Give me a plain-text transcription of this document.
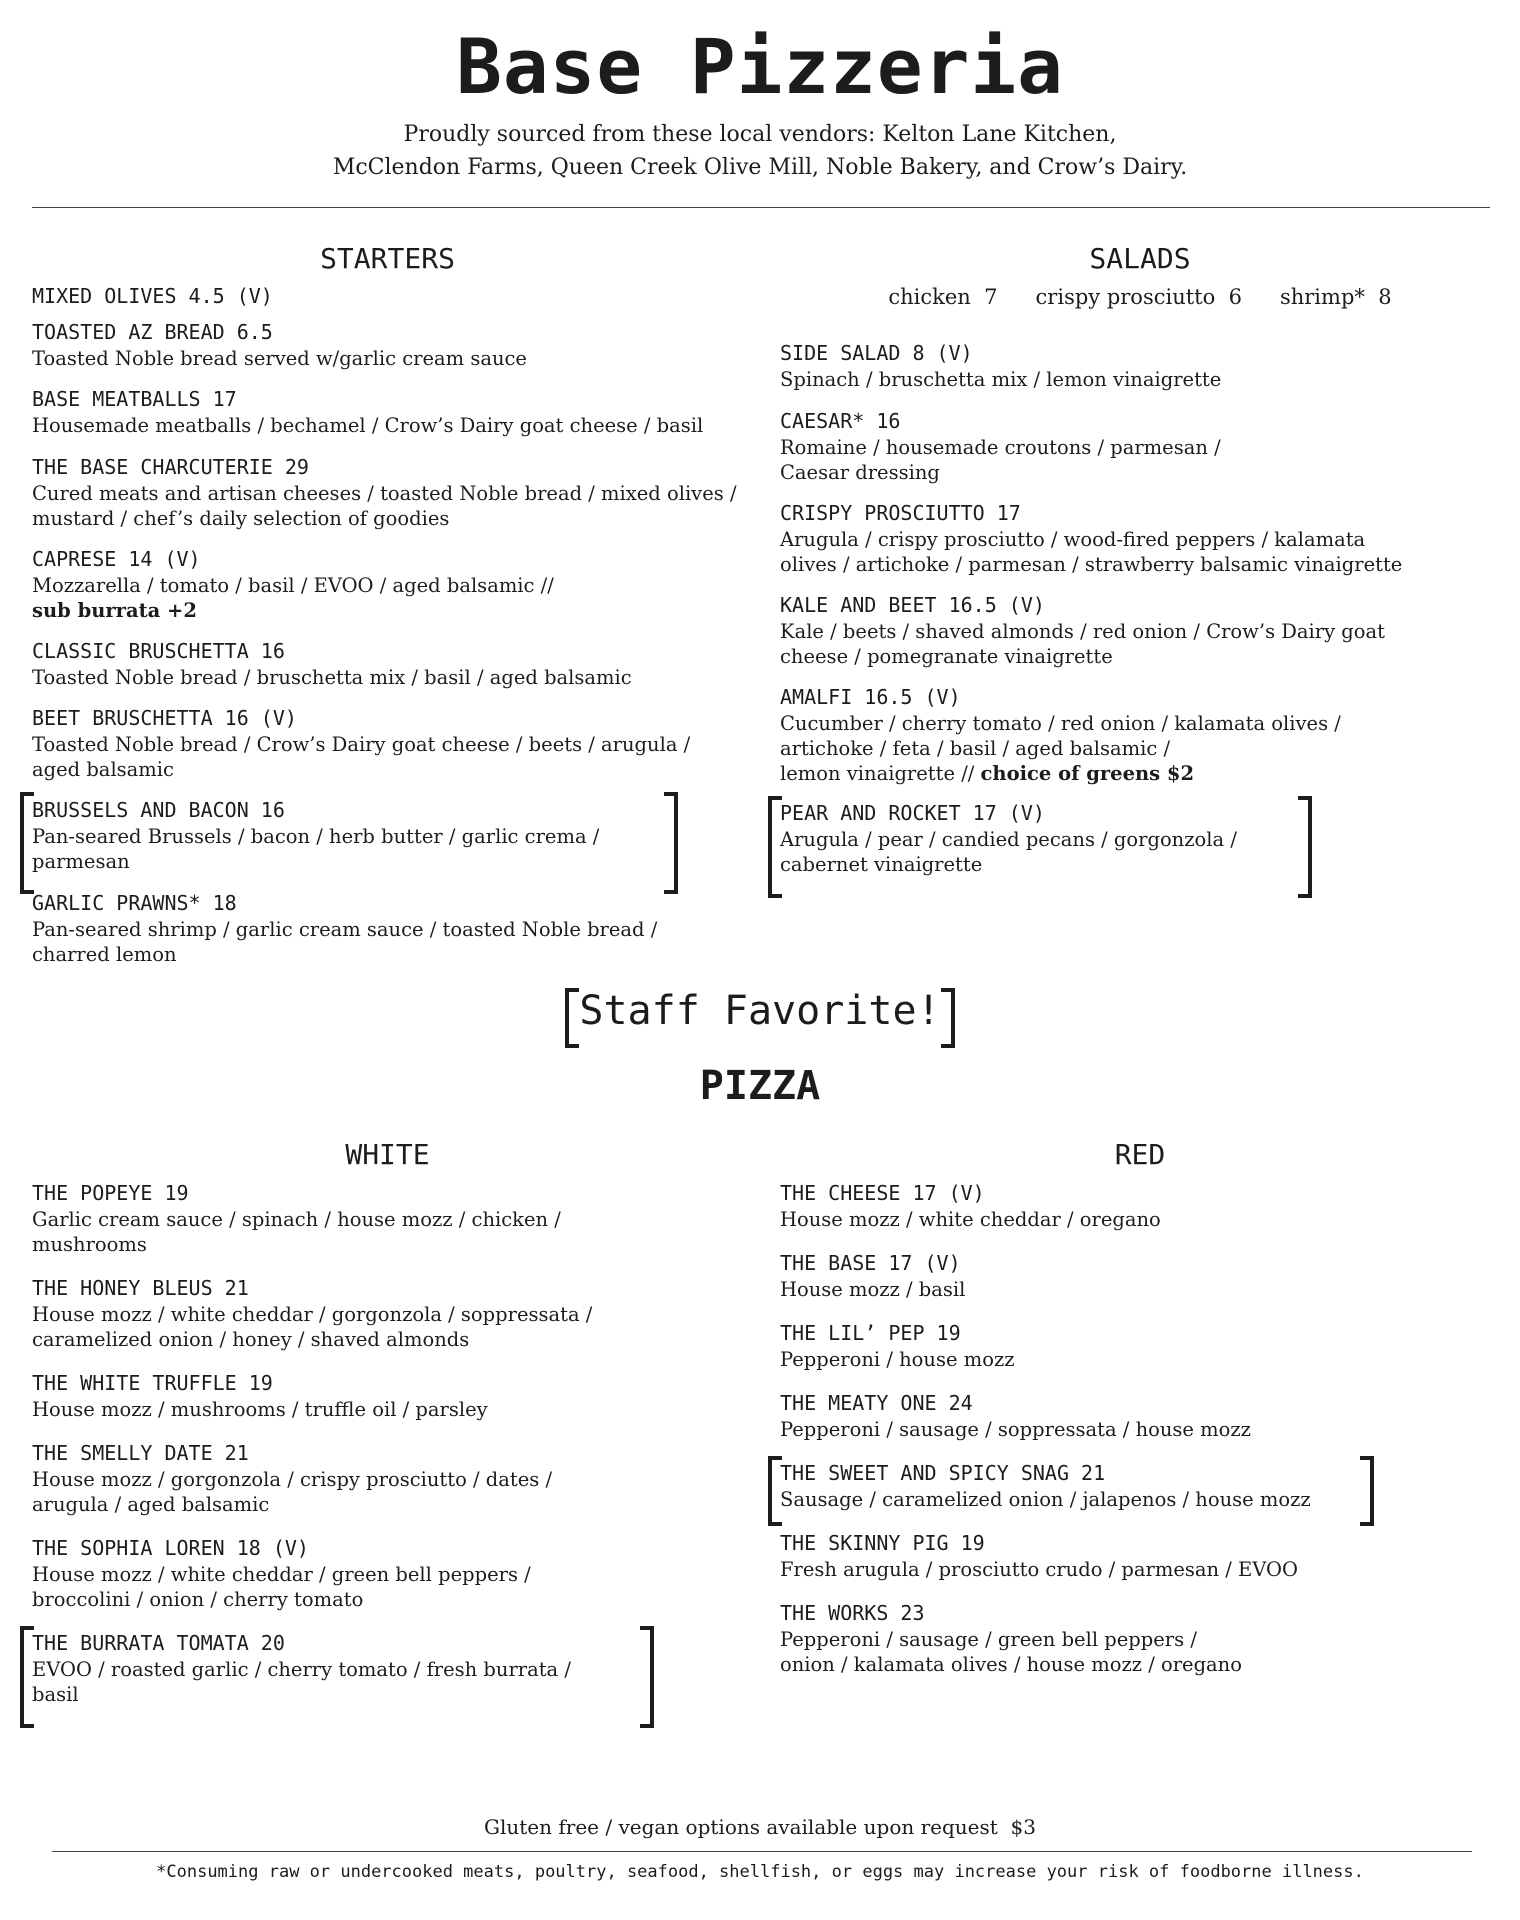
Base Pizzeria
Proudly sourced from these local vendors: Kelton Lane Kitchen,
McClendon Farms, Queen Creek Olive Mill, Noble Bakery, and Crow’s Dairy.
STARTERS	SALADS
chicken  7 crispy prosciutto  6 shrimp*  8
MIXED OLIVES 4.5 (V)
TOASTED AZ BREAD 6.5
Toasted Noble bread served w/garlic cream sauce
BASE MEATBALLS 17
Housemade meatballs / bechamel / Crow’s Dairy goat cheese / basil
THE BASE CHARCUTERIE 29
Cured meats and artisan cheeses / toasted Noble bread / mixed olives /
mustard / chef’s daily selection of goodies
CAPRESE 14 (V)
Mozzarella / tomato / basil / EVOO / aged balsamic //
sub burrata +2
CLASSIC BRUSCHETTA 16
Toasted Noble bread / bruschetta mix / basil / aged balsamic
BEET BRUSCHETTA 16 (V)
Toasted Noble bread / Crow’s Dairy goat cheese / beets / arugula /
aged balsamic
BRUSSELS AND BACON 16
Pan-seared Brussels / bacon / herb butter / garlic crema /
parmesan
GARLIC PRAWNS* 18
Pan-seared shrimp / garlic cream sauce / toasted Noble bread /
charred lemon
SIDE SALAD 8 (V)
Spinach / bruschetta mix / lemon vinaigrette
CAESAR* 16
Romaine / housemade croutons / parmesan /
Caesar dressing
CRISPY PROSCIUTTO 17
Arugula / crispy prosciutto / wood-fired peppers / kalamata
olives / artichoke / parmesan / strawberry balsamic vinaigrette
KALE AND BEET 16.5 (V)
Kale / beets / shaved almonds / red onion / Crow’s Dairy goat
cheese / pomegranate vinaigrette
AMALFI 16.5 (V)
Cucumber / cherry tomato / red onion / kalamata olives /
artichoke / feta / basil / aged balsamic /
lemon vinaigrette // choice of greens $2
PEAR AND ROCKET 17 (V)
Arugula / pear / candied pecans / gorgonzola /
cabernet vinaigrette
Staff Favorite!
PIZZA
WHITE	RED
THE POPEYE 19
Garlic cream sauce / spinach / house mozz / chicken /
mushrooms
THE HONEY BLEUS 21
House mozz / white cheddar / gorgonzola / soppressata /
caramelized onion / honey / shaved almonds
THE WHITE TRUFFLE 19
House mozz / mushrooms / truffle oil / parsley
THE SMELLY DATE 21
House mozz / gorgonzola / crispy prosciutto / dates /
arugula / aged balsamic
THE SOPHIA LOREN 18 (V)
House mozz / white cheddar / green bell peppers /
broccolini / onion / cherry tomato
THE BURRATA TOMATA 20
EVOO / roasted garlic / cherry tomato / fresh burrata /
basil
THE CHEESE 17 (V)
House mozz / white cheddar / oregano
THE BASE 17 (V)
House mozz / basil
THE LIL’ PEP 19
Pepperoni / house mozz
THE MEATY ONE 24
Pepperoni / sausage / soppressata / house mozz
THE SWEET AND SPICY SNAG 21
Sausage / caramelized onion / jalapenos / house mozz
THE SKINNY PIG 19
Fresh arugula / prosciutto crudo / parmesan / EVOO
THE WORKS 23
Pepperoni / sausage / green bell peppers /
onion / kalamata olives / house mozz / oregano
Gluten free / vegan options available upon request  $3
*Consuming raw or undercooked meats, poultry, seafood, shellfish, or eggs may increase your risk of foodborne illness.
